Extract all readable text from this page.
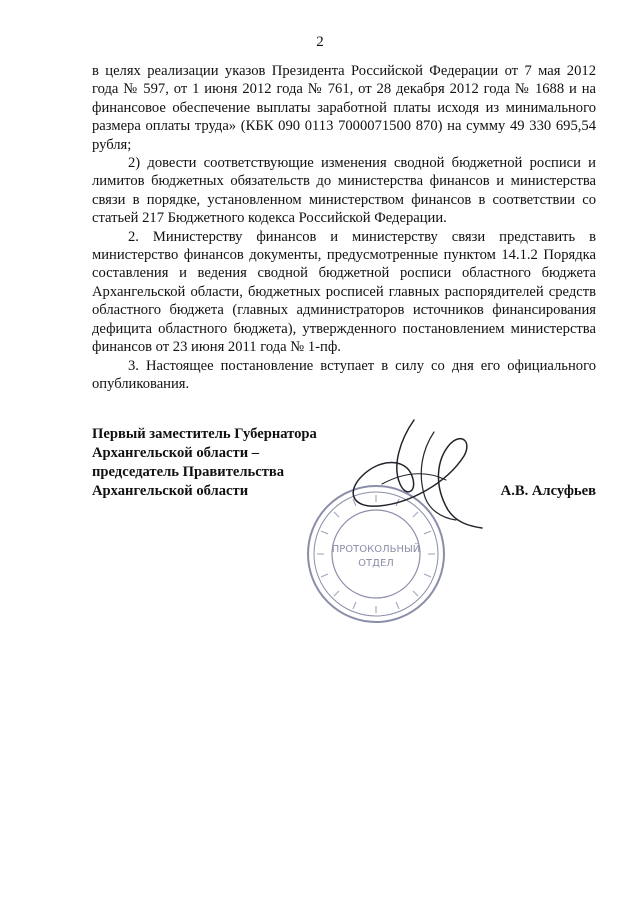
2

в целях реализации указов Президента Российской Федерации от 7 мая 2012 года № 597, от 1 июня 2012 года № 761, от 28 декабря 2012 года № 1688 и на финансовое обеспечение выплаты заработной платы исходя из минимального размера оплаты труда» (КБК 090 0113 7000071500 870) на сумму 49 330 695,54 рубля;

2) довести соответствующие изменения сводной бюджетной росписи и лимитов бюджетных обязательств до министерства финансов и министерства связи в порядке, установленном министерством финансов в соответствии со статьей 217 Бюджетного кодекса Российской Федерации.

2. Министерству финансов и министерству связи представить в министерство финансов документы, предусмотренные пунктом 14.1.2 Порядка составления и ведения сводной бюджетной росписи областного бюджета Архангельской области, бюджетных росписей главных распорядителей средств областного бюджета (главных администраторов источников финансирования дефицита областного бюджета), утвержденного постановлением министерства финансов от 23 июня 2011 года № 1-пф.

3. Настоящее постановление вступает в силу со дня его официального опубликования.

Первый заместитель Губернатора
Архангельской области –
председатель Правительства
Архангельской области	А.В. Алсуфьев
ПРОТОКОЛЬНЫЙ
ОТДЕЛ
